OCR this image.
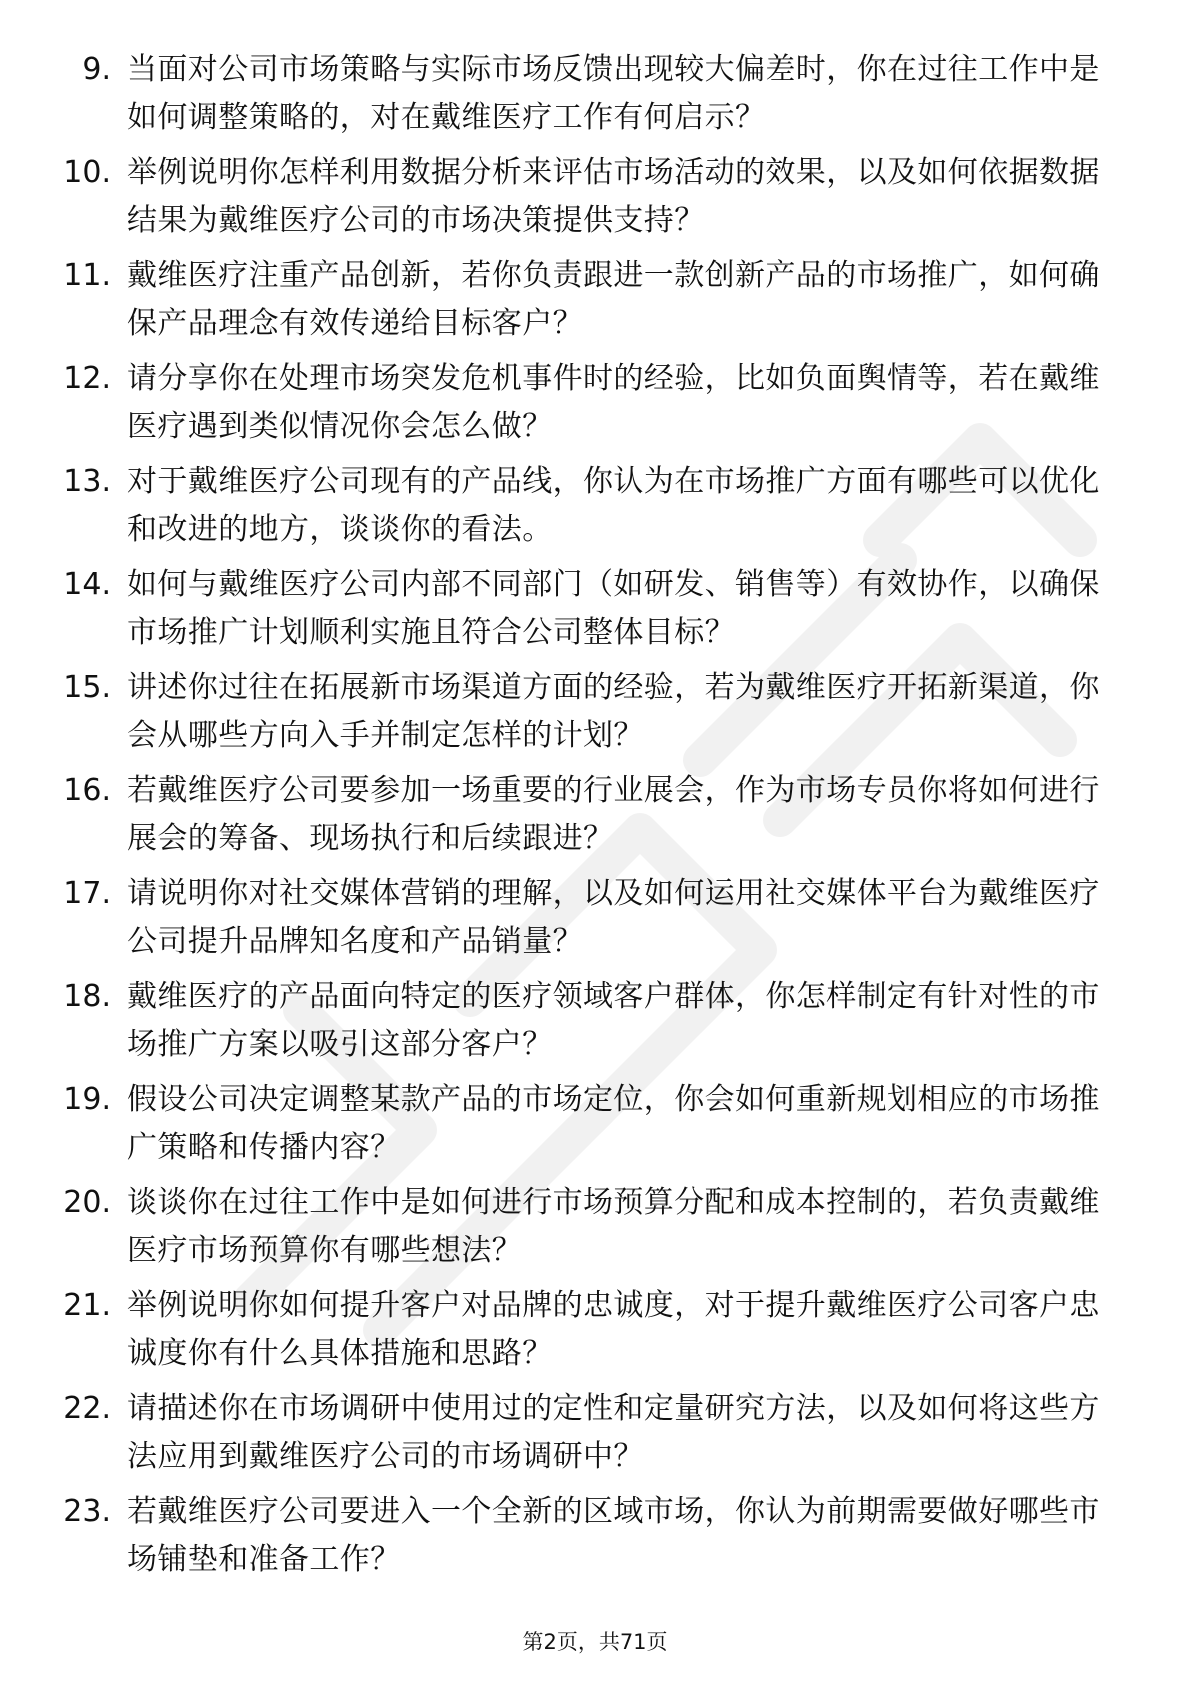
9. 当面对公司市场策略与实际市场反馈出现较大偏差时，你在过往工作中是如何调整策略的，对在戴维医疗工作有何启示？
10. 举例说明你怎样利用数据分析来评估市场活动的效果，以及如何依据数据结果为戴维医疗公司的市场决策提供支持？
11. 戴维医疗注重产品创新，若你负责跟进一款创新产品的市场推广，如何确保产品理念有效传递给目标客户？
12. 请分享你在处理市场突发危机事件时的经验，比如负面舆情等，若在戴维医疗遇到类似情况你会怎么做？
13. 对于戴维医疗公司现有的产品线，你认为在市场推广方面有哪些可以优化和改进的地方，谈谈你的看法。
14. 如何与戴维医疗公司内部不同部门（如研发、销售等）有效协作，以确保市场推广计划顺利实施且符合公司整体目标？
15. 讲述你过往在拓展新市场渠道方面的经验，若为戴维医疗开拓新渠道，你会从哪些方向入手并制定怎样的计划？
16. 若戴维医疗公司要参加一场重要的行业展会，作为市场专员你将如何进行展会的筹备、现场执行和后续跟进？
17. 请说明你对社交媒体营销的理解，以及如何运用社交媒体平台为戴维医疗公司提升品牌知名度和产品销量？
18. 戴维医疗的产品面向特定的医疗领域客户群体，你怎样制定有针对性的市场推广方案以吸引这部分客户？
19. 假设公司决定调整某款产品的市场定位，你会如何重新规划相应的市场推广策略和传播内容？
20. 谈谈你在过往工作中是如何进行市场预算分配和成本控制的，若负责戴维医疗市场预算你有哪些想法？
21. 举例说明你如何提升客户对品牌的忠诚度，对于提升戴维医疗公司客户忠诚度你有什么具体措施和思路？
22. 请描述你在市场调研中使用过的定性和定量研究方法，以及如何将这些方法应用到戴维医疗公司的市场调研中？
23. 若戴维医疗公司要进入一个全新的区域市场，你认为前期需要做好哪些市场铺垫和准备工作？
第2页，共71页
